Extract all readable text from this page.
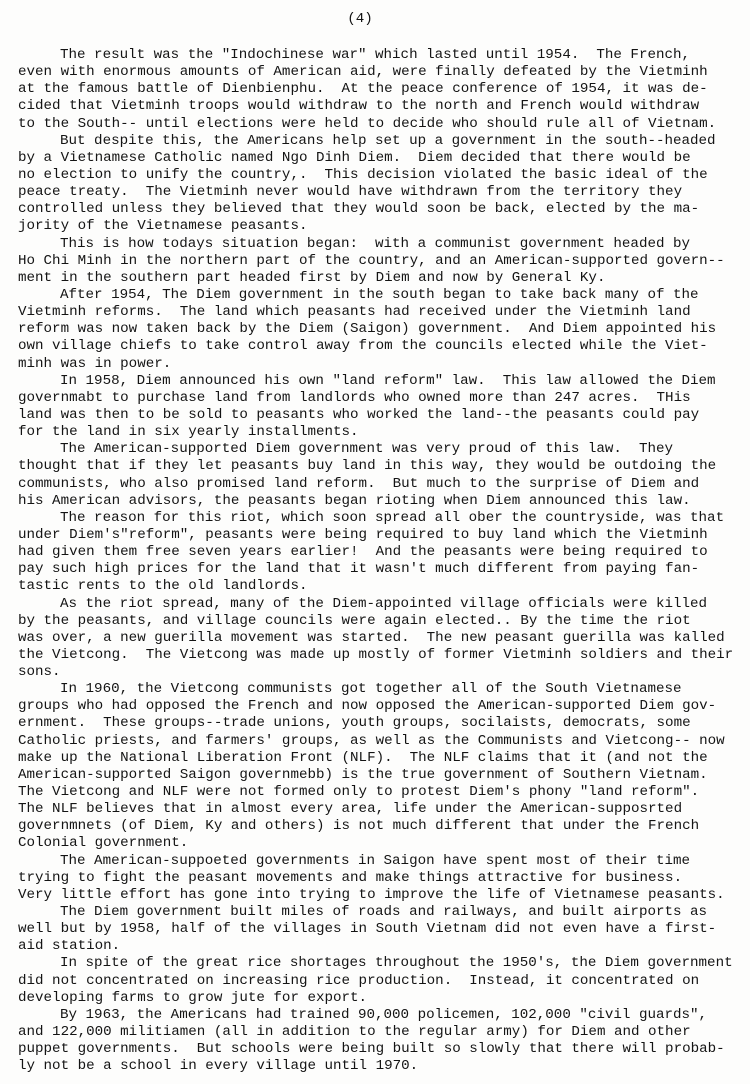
(4)
The result was the "Indochinese war" which lasted until 1954.  The French,
even with enormous amounts of American aid, were finally defeated by the Vietminh
at the famous battle of Dienbienphu.  At the peace conference of 1954, it was de-
cided that Vietminh troops would withdraw to the north and French would withdraw
to the South-- until elections were held to decide who should rule all of Vietnam.
But despite this, the Americans help set up a government in the south--headed
by a Vietnamese Catholic named Ngo Dinh Diem.  Diem decided that there would be
no election to unify the country,.  This decision violated the basic ideal of the
peace treaty.  The Vietminh never would have withdrawn from the territory they
controlled unless they believed that they would soon be back, elected by the ma-
jority of the Vietnamese peasants.
This is how todays situation began:  with a communist government headed by
Ho Chi Minh in the northern part of the country, and an American-supported govern--
ment in the southern part headed first by Diem and now by General Ky.
After 1954, The Diem government in the south began to take back many of the
Vietminh reforms.  The land which peasants had received under the Vietminh land
reform was now taken back by the Diem (Saigon) government.  And Diem appointed his
own village chiefs to take control away from the councils elected while the Viet-
minh was in power.
In 1958, Diem announced his own "land reform" law.  This law allowed the Diem
governmabt to purchase land from landlords who owned more than 247 acres.  THis
land was then to be sold to peasants who worked the land--the peasants could pay
for the land in six yearly installments.
The American-supported Diem government was very proud of this law.  They
thought that if they let peasants buy land in this way, they would be outdoing the
communists, who also promised land reform.  But much to the surprise of Diem and
his American advisors, the peasants began rioting when Diem announced this law.
The reason for this riot, which soon spread all ober the countryside, was that
under Diem's"reform", peasants were being required to buy land which the Vietminh
had given them free seven years earlier!  And the peasants were being required to
pay such high prices for the land that it wasn't much different from paying fan-
tastic rents to the old landlords.
As the riot spread, many of the Diem-appointed village officials were killed
by the peasants, and village councils were again elected.. By the time the riot
was over, a new guerilla movement was started.  The new peasant guerilla was kalled
the Vietcong.  The Vietcong was made up mostly of former Vietminh soldiers and their
sons.
In 1960, the Vietcong communists got together all of the South Vietnamese
groups who had opposed the French and now opposed the American-supported Diem gov-
ernment.  These groups--trade unions, youth groups, socilaists, democrats, some
Catholic priests, and farmers' groups, as well as the Communists and Vietcong-- now
make up the National Liberation Front (NLF).  The NLF claims that it (and not the
American-supported Saigon governmebb) is the true government of Southern Vietnam.
The Vietcong and NLF were not formed only to protest Diem's phony "land reform".
The NLF believes that in almost every area, life under the American-supposrted
governmnets (of Diem, Ky and others) is not much different that under the French
Colonial government.
The American-suppoeted governments in Saigon have spent most of their time
trying to fight the peasant movements and make things attractive for business.
Very little effort has gone into trying to improve the life of Vietnamese peasants.
The Diem government built miles of roads and railways, and built airports as
well but by 1958, half of the villages in South Vietnam did not even have a first-
aid station.
In spite of the great rice shortages throughout the 1950's, the Diem government
did not concentrated on increasing rice production.  Instead, it concentrated on
developing farms to grow jute for export.
By 1963, the Americans had trained 90,000 policemen, 102,000 "civil guards",
and 122,000 militiamen (all in addition to the regular army) for Diem and other
puppet governments.  But schools were being built so slowly that there will probab-
ly not be a school in every village until 1970.
